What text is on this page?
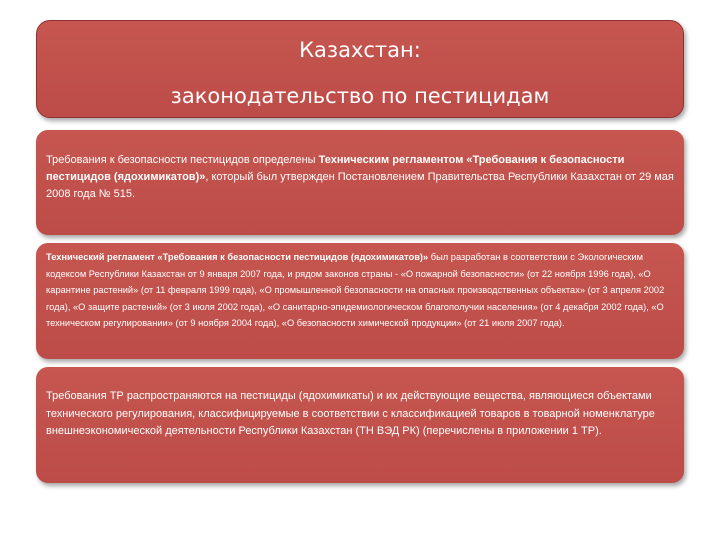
Казахстан:
законодательство по пестицидам

Требования к безопасности пестицидов определены Техническим регламентом «Требования к безопасности пестицидов (ядохимикатов)», который был утвержден Постановлением Правительства Республики Казахстан от 29 мая 2008 года № 515.

Технический регламент «Требования к безопасности пестицидов (ядохимикатов)» был разработан в соответствии с Экологическим кодексом Республики Казахстан от 9 января 2007 года, и рядом законов страны - «О пожарной безопасности» (от 22 ноября 1996 года), «О карантине растений» (от 11 февраля 1999 года), «О промышленной безопасности на опасных производственных объектах» (от 3 апреля 2002 года), «О защите растений» (от 3 июля 2002 года), «О санитарно-эпидемиологическом благополучии населения» (от 4 декабря 2002 года), «О техническом регулировании» (от 9 ноября 2004 года), «О безопасности химической продукции» (от 21 июля 2007 года).

Требования ТР распространяются на пестициды (ядохимикаты) и их действующие вещества, являющиеся объектами технического регулирования, классифицируемые в соответствии с классификацией товаров в товарной номенклатуре внешнеэкономической деятельности Республики Казахстан (ТН ВЭД РК) (перечислены в приложении 1 ТР).
